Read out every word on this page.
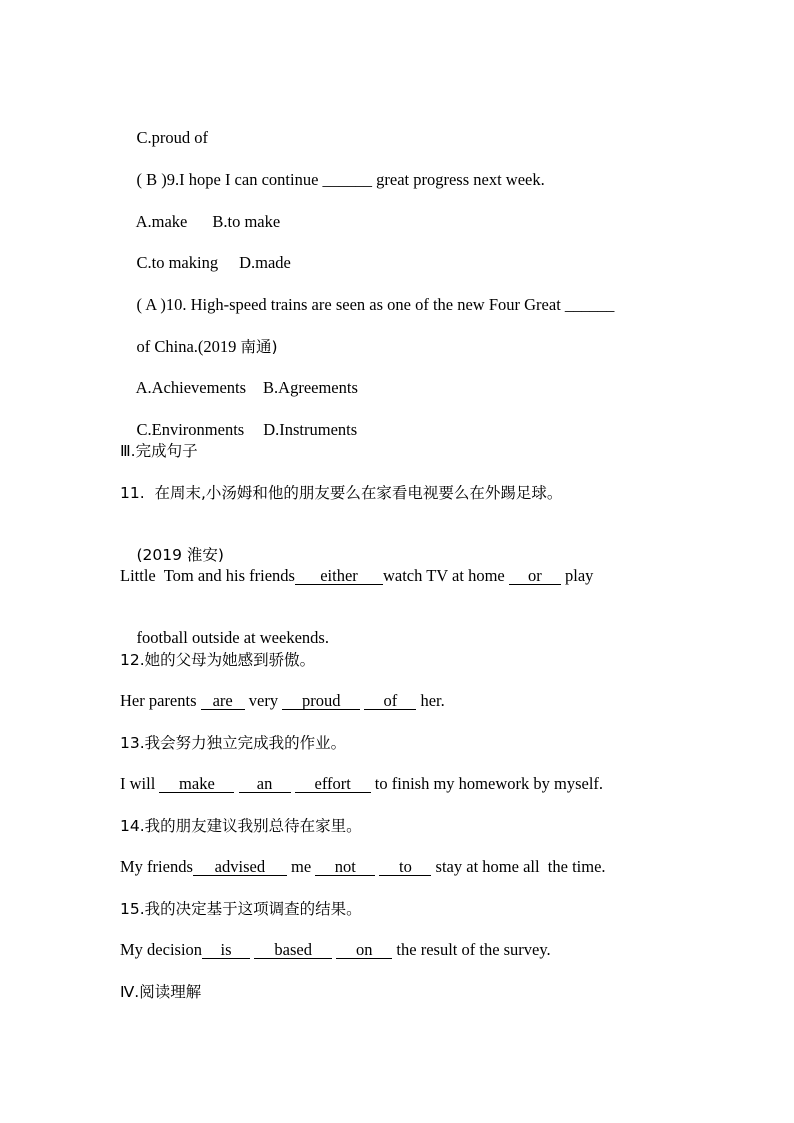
C.proud of

( B )9.I hope I can continue ______ great progress next week.

A.make B.to make

C.to making D.made

( A )10. High-speed trains are seen as one of the new Four Great ______

of China.(2019 南通)

A.Achievements B.Agreements

C.Environments D.Instruments

Ⅲ.完成句子
11.  在周末,小汤姆和他的朋友要么在家看电视要么在外踢足球。

(2019 淮安)

Little  Tom and his friends either watch TV at home or play

football outside at weekends.

12.她的父母为她感到骄傲。
Her parents are very proud	of her.
13.我会努力独立完成我的作业。
I will make	an	effort to finish my homework by myself.
14.我的朋友建议我别总待在家里。
My friends advised me not	to stay at home all  the time.
15.我的决定基于这项调查的结果。
My decision is	based	on the result of the survey.
Ⅳ.阅读理解
